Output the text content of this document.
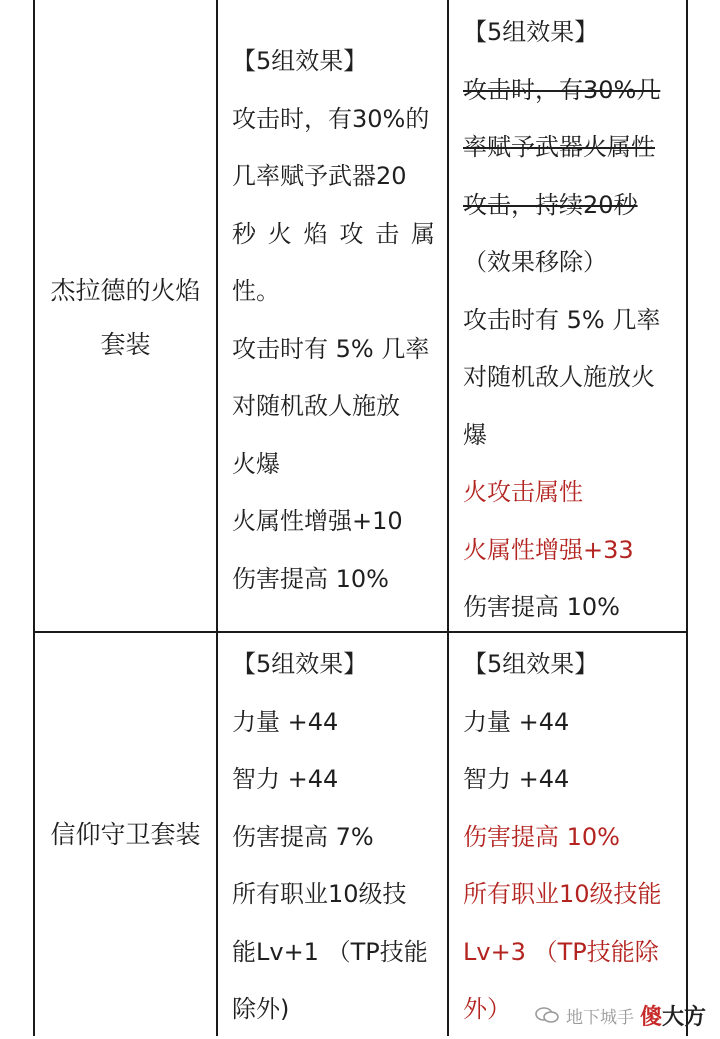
杰拉德的火焰
套装
【5组效果】
攻击时，有30%的
几率赋予武器20
秒火焰攻击属
性。
攻击时有 5% 几率
对随机敌人施放
火爆
火属性增强+10
伤害提高 10%
【5组效果】
攻击时，有30%几
率赋予武器火属性
攻击，持续20秒
（效果移除）
攻击时有 5% 几率
对随机敌人施放火
爆
火攻击属性
火属性增强+33
伤害提高 10%
信仰守卫套装
【5组效果】
力量 +44
智力 +44
伤害提高 7%
所有职业10级技
能Lv+1 （TP技能
除外)
【5组效果】
力量 +44
智力 +44
伤害提高 10%
所有职业10级技能
Lv+3 （TP技能除
外）	地下城手 傻大方
